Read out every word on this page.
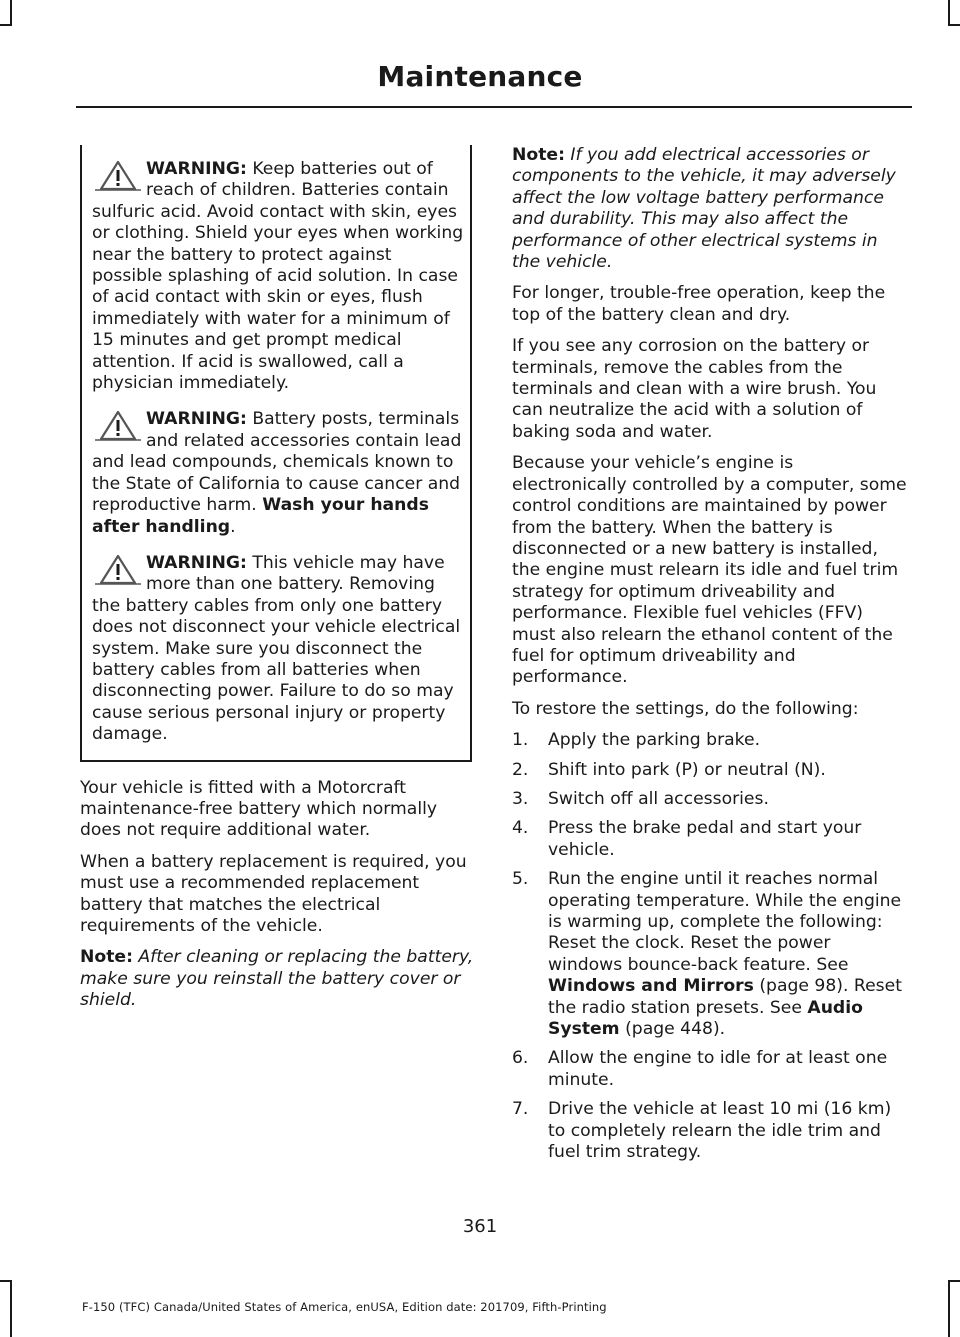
Maintenance

WARNING: Keep batteries out of reach of children. Batteries contain sulfuric acid. Avoid contact with skin, eyes or clothing. Shield your eyes when working near the battery to protect against possible splashing of acid solution. In case of acid contact with skin or eyes, flush immediately with water for a minimum of 15 minutes and get prompt medical attention. If acid is swallowed, call a physician immediately.

WARNING: Battery posts, terminals and related accessories contain lead and lead compounds, chemicals known to the State of California to cause cancer and reproductive harm. Wash your hands after handling.

WARNING: This vehicle may have more than one battery. Removing the battery cables from only one battery does not disconnect your vehicle electrical system. Make sure you disconnect the battery cables from all batteries when disconnecting power. Failure to do so may cause serious personal injury or property damage.

Your vehicle is fitted with a Motorcraft maintenance-free battery which normally does not require additional water.

When a battery replacement is required, you must use a recommended replacement battery that matches the electrical requirements of the vehicle.

Note: After cleaning or replacing the battery, make sure you reinstall the battery cover or shield.

Note: If you add electrical accessories or components to the vehicle, it may adversely affect the low voltage battery performance and durability. This may also affect the performance of other electrical systems in the vehicle.

For longer, trouble-free operation, keep the top of the battery clean and dry.

If you see any corrosion on the battery or terminals, remove the cables from the terminals and clean with a wire brush. You can neutralize the acid with a solution of baking soda and water.

Because your vehicle’s engine is electronically controlled by a computer, some control conditions are maintained by power from the battery. When the battery is disconnected or a new battery is installed, the engine must relearn its idle and fuel trim strategy for optimum driveability and performance. Flexible fuel vehicles (FFV) must also relearn the ethanol content of the fuel for optimum driveability and performance.

To restore the settings, do the following:

1. Apply the parking brake.
2. Shift into park (P) or neutral (N).
3. Switch off all accessories.
4. Press the brake pedal and start your vehicle.
5. Run the engine until it reaches normal operating temperature. While the engine is warming up, complete the following: Reset the clock. Reset the power windows bounce-back feature. See Windows and Mirrors (page 98). Reset the radio station presets. See Audio System (page 448).
6. Allow the engine to idle for at least one minute.
7. Drive the vehicle at least 10 mi (16 km) to completely relearn the idle trim and fuel trim strategy.
361
F-150 (TFC) Canada/United States of America, enUSA, Edition date: 201709, Fifth-Printing
